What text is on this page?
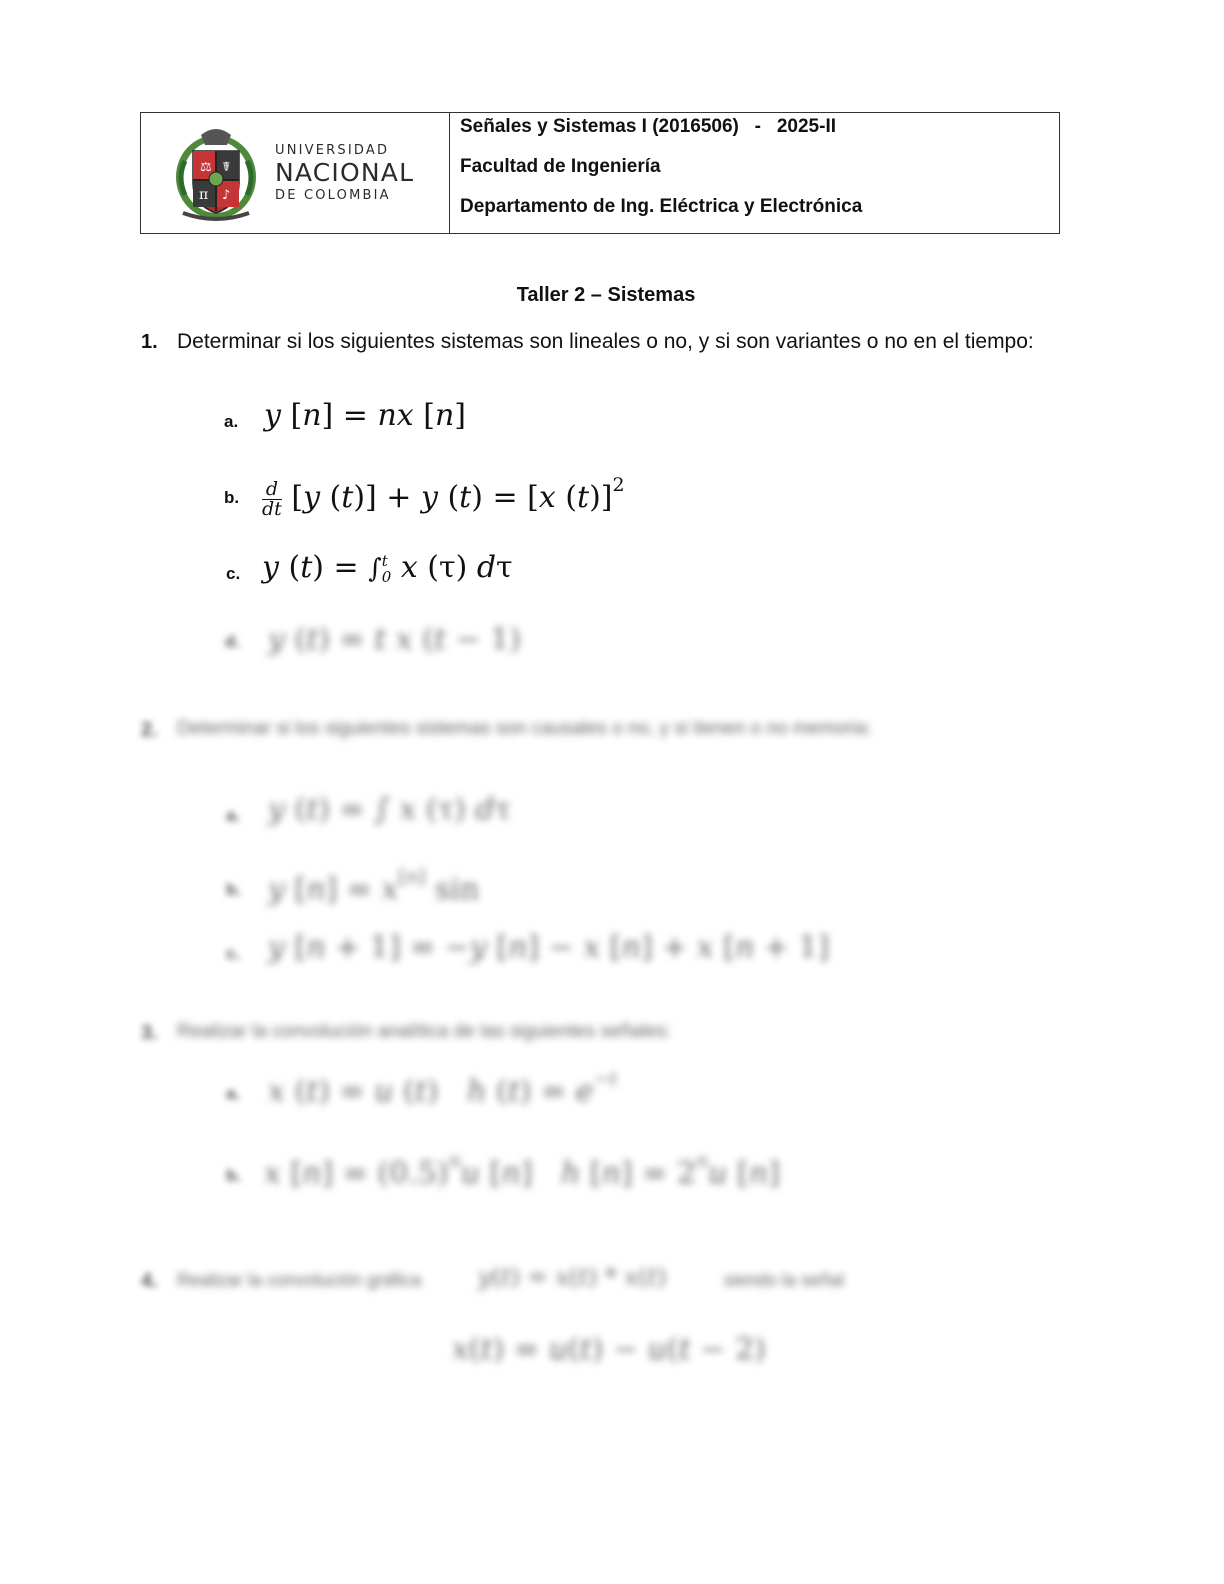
⚖ ☤
π ♪
UNIVERSIDAD
NACIONAL
DE COLOMBIA
Señales y Sistemas I (2016506)   -   2025-II
Facultad de Ingeniería
Departamento de Ing. Eléctrica y Electrónica
Taller 2 – Sistemas
1. Determinar si los siguientes sistemas son lineales o no, y si son variantes o no en el tiempo:
a. y [n] = nx [n]
b. $\frac{d}{dt} [y$ (t)] + y (t) = [x (t)]$^2$
c. y (t) = ∫ t
0 x (τ) dτ
d. y (t) = t x (t − 1)
2. Determinar si los siguientes sistemas son causales o no, y si tienen o no memoria:
a. y (t) = ∫ x (τ) dτ
b. y [n] = x[n] sin
c. y [n + 1] = −y [n] − x [n] + x [n + 1]
3. Realizar la convolución analítica de las siguientes señales:
a. x (t) = u (t)   h $(t) = e^{-t}$
b. x $[n] = (0.5)^nu$ [n]   h $[n] = 2^nu$ [n]
4. Realizar la convolución gráfica y(t) = x(t) * x(t)	siendo la señal
x(t) = u(t) − u(t − 2)
